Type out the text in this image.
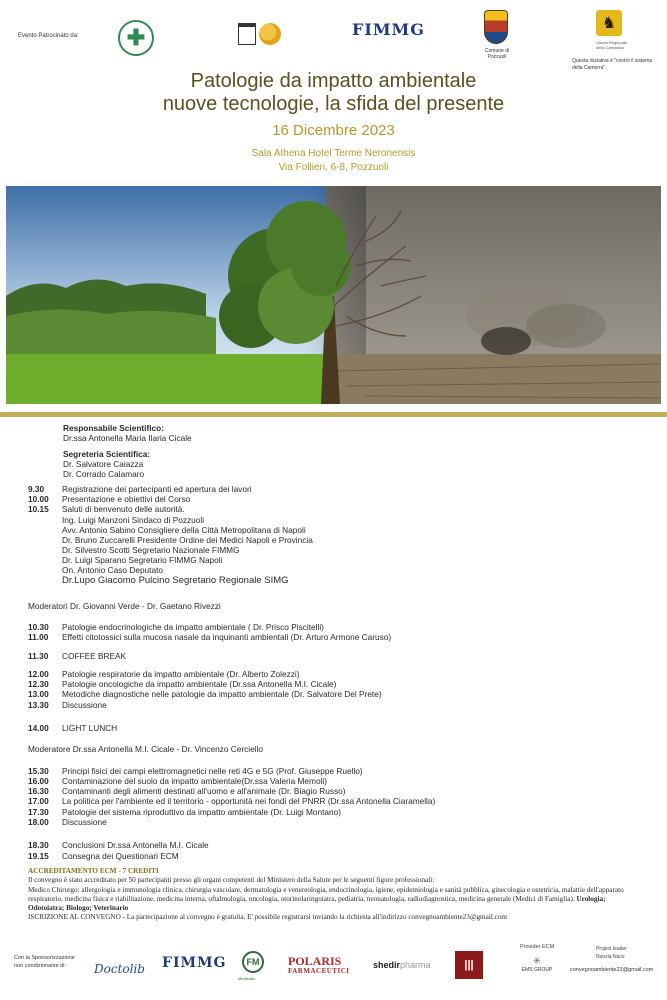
Evento Patrocinato da: ✚	FIMMG
Comune di Pozzuoli
♞
Giunta Regionale della Campania
Questa iniziativa è "contro il sistema della Camorra"
Patologie da impatto ambientale
nuove tecnologie, la sfida del presente
16 Dicembre 2023
Sala Athena Hotel Terme Neronensis
Via Follieri, 6-8, Pozzuoli
Responsabile Scientifico:
Dr.ssa Antonella Maria Ilaria Cicale
Segreteria Scientifica:
Dr. Salvatore Caiazza
Dr. Corrado Calamaro
9.30 Registrazione dei partecipanti ed apertura dei lavori
10.00 Presentazione e obiettivi del Corso
10.15 Saluti di benvenuto delle autorità.
Ing. Luigi Manzoni Sindaco di Pozzuoli
Avv. Antonio Sabino Consigliere della Città Metropolitana di Napoli
Dr. Bruno Zuccarelli Presidente Ordine dei Medici Napoli e Provincia
Dr. Silvestro Scotti Segretario Nazionale FIMMG
Dr. Luigi Sparano Segretario FIMMG Napoli
On. Antonio Caso Deputato
Dr.Lupo Giacomo Pulcino Segretario Regionale SIMG
Moderatori Dr. Giovanni Verde - Dr. Gaetano Rivezzi
10.30 Patologie endocrinologiche da impatto ambientale ( Dr. Prisco Piscitelli)
11.00 Effetti citotossici sulla mucosa nasale da inquinanti ambientali (Dr. Arturo Armone Caruso)
11.30 COFFEE BREAK
12.00 Patologie respiratorie da impatto ambientale (Dr. Alberto Zolezzi)
12.30 Patologie oncologiche da impatto ambientale (Dr.ssa Antonella M.I. Cicale)
13.00 Metodiche diagnostiche nelle patologie da impatto ambientale (Dr. Salvatore Del Prete)
13.30 Discussione
14.00 LIGHT LUNCH
Moderatore Dr.ssa Antonella M.I. Cicale - Dr. Vincenzo Cerciello
15.30 Principi fisici dei campi elettromagnetici nelle reti 4G e 5G (Prof. Giuseppe Ruello)
16.00 Contaminazione del suolo da impatto ambientale(Dr.ssa Valeria Memoli)
16.30 Contaminanti degli alimenti destinati all'uomo e all'animale (Dr. Biagio Russo)
17.00 La politica per l'ambiente ed il territorio - opportunità nei fondi del PNRR (Dr.ssa Antonella Ciaramella)
17.30 Patologie del sistema riproduttivo da impatto ambientale (Dr. Luigi Montano)
18.00 Discussione
18.30 Conclusioni Dr.ssa Antonella M.I. Cicale
19.15 Consegna dei Questionari ECM
ACCREDITAMENTO ECM - 7 CREDITI
Il convegno è stato accreditato per 50 partecipanti presso gli organi competenti del Ministero della Salute per le seguenti figure professionali:
Medico Chirurgo: allergologia e immunologia clinica, chirurgia vascolare, dermatologia e venereologia, endocrinologia, igiene, epidemiologia e sanità pubblica, ginecologia e ostetricia, malattie dell'apparato respiratorio, medicina fisica e riabilitazione, medicina interna, oftalmologia, oncologia, otorinolaringoiatra, pediatria, neonatologia, radiodiagnostica, medicina generale (Medici di Famiglia). Urologia; Odotoiatra; Biologo; Veterinario
ISCRIZIONE AL CONVEGNO - La partecipazione al convegno è gratuita. E' possibile registrarsi inviando la richiesta all'indirizzo convegnoambiente23@gmail.com
Con la Sponsorizzazione non condizionante di:	Doctolib FIMMG	FM
Medicalis
POLARIS
FARMACEUTICI
shedirpharma	|||
Provider ECM
✳
EMS GROUP
Project leader
Nunzia Nace
convegnoambiente23@gmail.com
